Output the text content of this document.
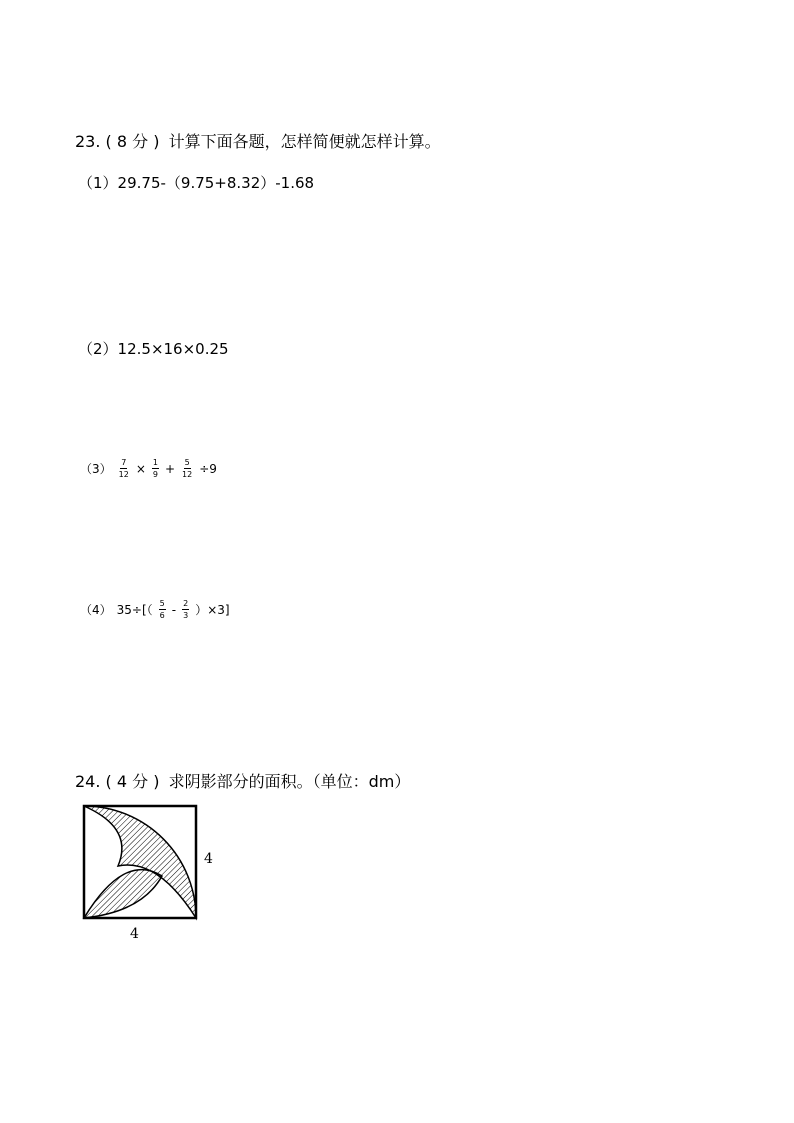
23. ( 8 分 ) 计算下面各题，怎样简便就怎样计算。
（1）29.75-（9.75+8.32）-1.68
（2）12.5×16×0.25
$(3) \frac{7}{12} \times \frac{1}{9} + \frac{5}{12} \div 9$
（4） $35\div[( \frac{5}{6} - \frac{2}{3} )\times 3]$
24. ( 4 分 ) 求阴影部分的面积。（单位：dm）
4
4
